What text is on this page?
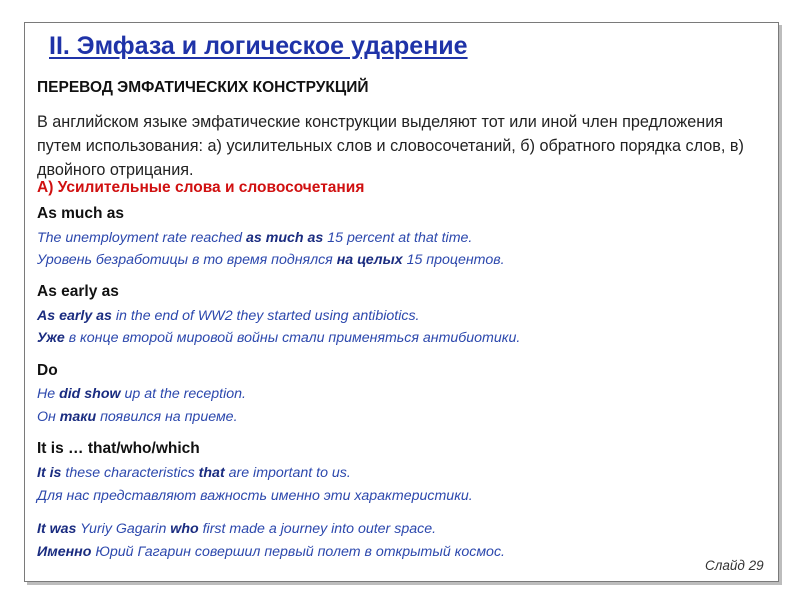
II. Эмфаза и логическое ударение
ПЕРЕВОД ЭМФАТИЧЕСКИХ КОНСТРУКЦИЙ
В английском языке эмфатические конструкции выделяют тот или иной член предложения путем использования: а) усилительных слов и словосочетаний, б) обратного порядка слов, в) двойного отрицания.
А) Усилительные слова и словосочетания
As much as
The unemployment rate reached as much as 15 percent at that time.
Уровень безработицы в то время поднялся на целых 15 процентов.
As early as
As early as in the end of WW2 they started using antibiotics.
Уже в конце второй мировой войны стали применяться антибиотики.
Do
He did show up at the reception.
Он таки появился на приеме.
It is … that/who/which
It is these characteristics that are important to us.
Для нас представляют важность именно эти характеристики.
It was Yuriy Gagarin who first made a journey into outer space.
Именно Юрий Гагарин совершил первый полет в открытый космос.
Слайд 29
